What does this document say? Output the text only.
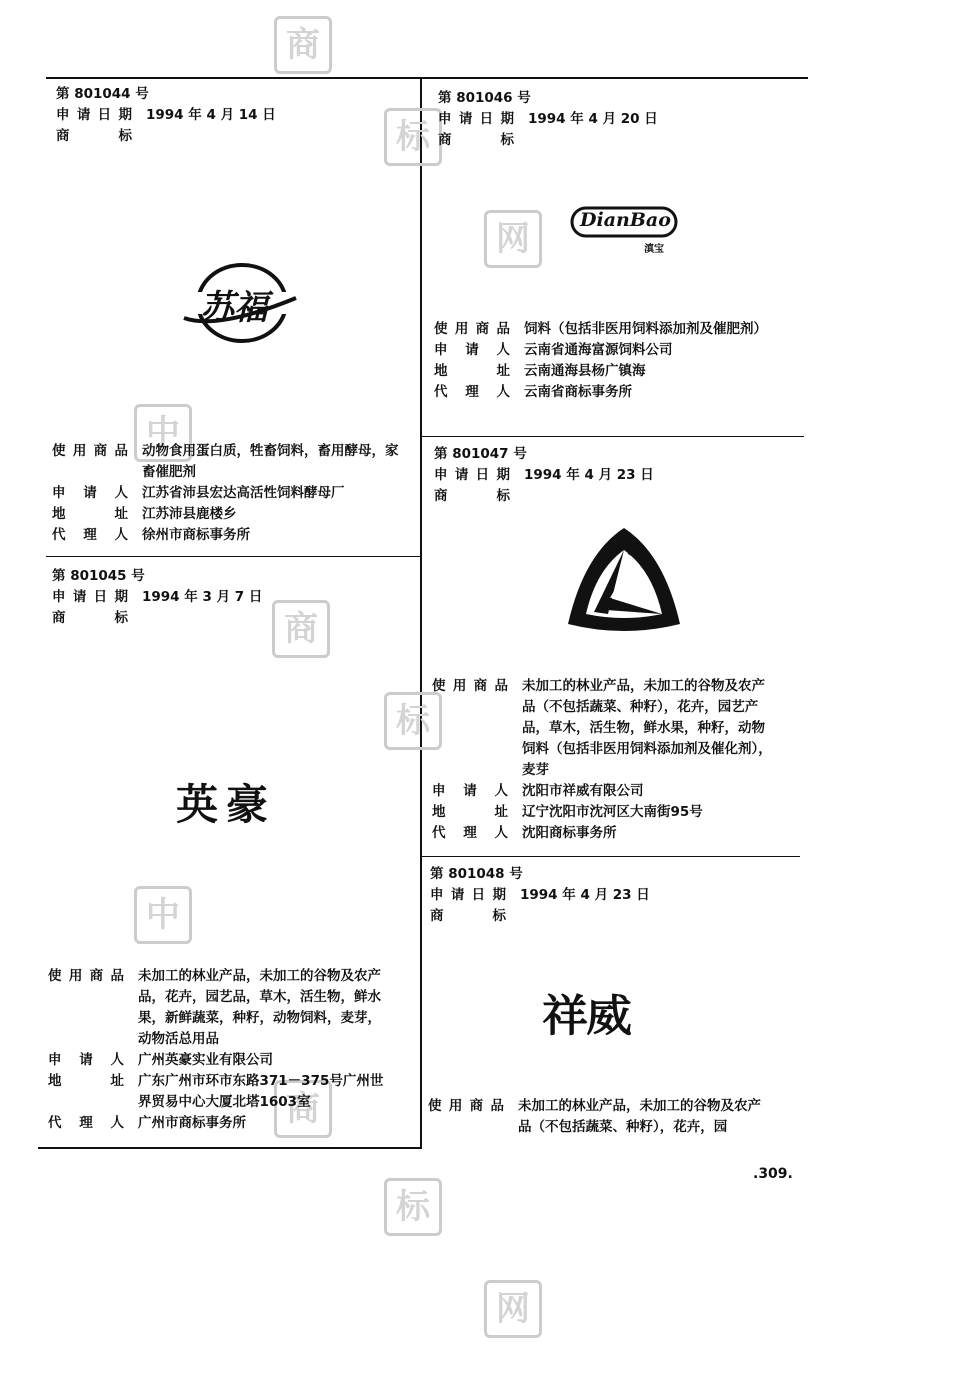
商
标
网
中
商
标
中
商
标
网
第 801044 号
申请日期 1994 年 4 月 14 日
商　标
苏福
使用商品 动物食用蛋白质，牲畜饲料，畜用酵母，家畜催肥剂
申请人 江苏省沛县宏达高活性饲料酵母厂
地　址 江苏沛县鹿楼乡
代理人 徐州市商标事务所
第 801045 号
申请日期 1994 年 3 月 7 日
商　标
英豪
使用商品 未加工的林业产品，未加工的谷物及农产品，花卉，园艺品，草木，活生物，鲜水果，新鲜蔬菜，种籽，动物饲料，麦芽，动物活总用品
申请人 广州英豪实业有限公司
地　址 广东广州市环市东路371－375号广州世界贸易中心大厦北塔1603室
代理人 广州市商标事务所
第 801046 号
申请日期 1994 年 4 月 20 日
商　标
DianBao
滇宝
使用商品 饲料（包括非医用饲料添加剂及催肥剂）
申请人 云南省通海富源饲料公司
地　址 云南通海县杨广镇海
代理人 云南省商标事务所
第 801047 号
申请日期 1994 年 4 月 23 日
商　标
使用商品 未加工的林业产品，未加工的谷物及农产品（不包括蔬菜、种籽），花卉，园艺产品，草木，活生物，鲜水果，种籽，动物饲料（包括非医用饲料添加剂及催化剂），麦芽
申请人 沈阳市祥威有限公司
地　址 辽宁沈阳市沈河区大南街95号
代理人 沈阳商标事务所
第 801048 号
申请日期 1994 年 4 月 23 日
商　标
祥威
使用商品 未加工的林业产品，未加工的谷物及农产品（不包括蔬菜、种籽），花卉，园
.309.
